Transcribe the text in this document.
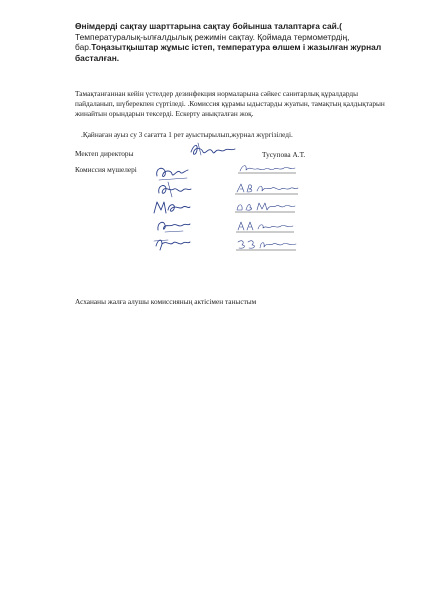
Өнімдерді сақтау шарттарына сақтау бойынша талаптарға сай.(
Температуралық-ылғалдылық режимін сақтау. Қоймада термометрдің,
бар.Тоңазытқыштар жұмыс істеп, температура өлшем і жазылған журнал
басталған.

Тамақтанғаннан кейін үстелдер дезинфекция нормаларына сәйкес санитарлық құралдарды пайдаланып, шүберекпен сүртіледі. .Комиссия құрамы ыдыстарды жуатын, тамақтың қалдықтарын жинайтын орындарын тексерді. Ескерту анықталған жоқ.

.Қайнаған ауыз су 3 сағатта 1 рет ауыстырылып,журнал жүргізіледі.

Мектеп директоры	Тусупова А.Т.

Комиссия мүшелері

Асхананы жалға алушы комиссияның актісімен таныстым
